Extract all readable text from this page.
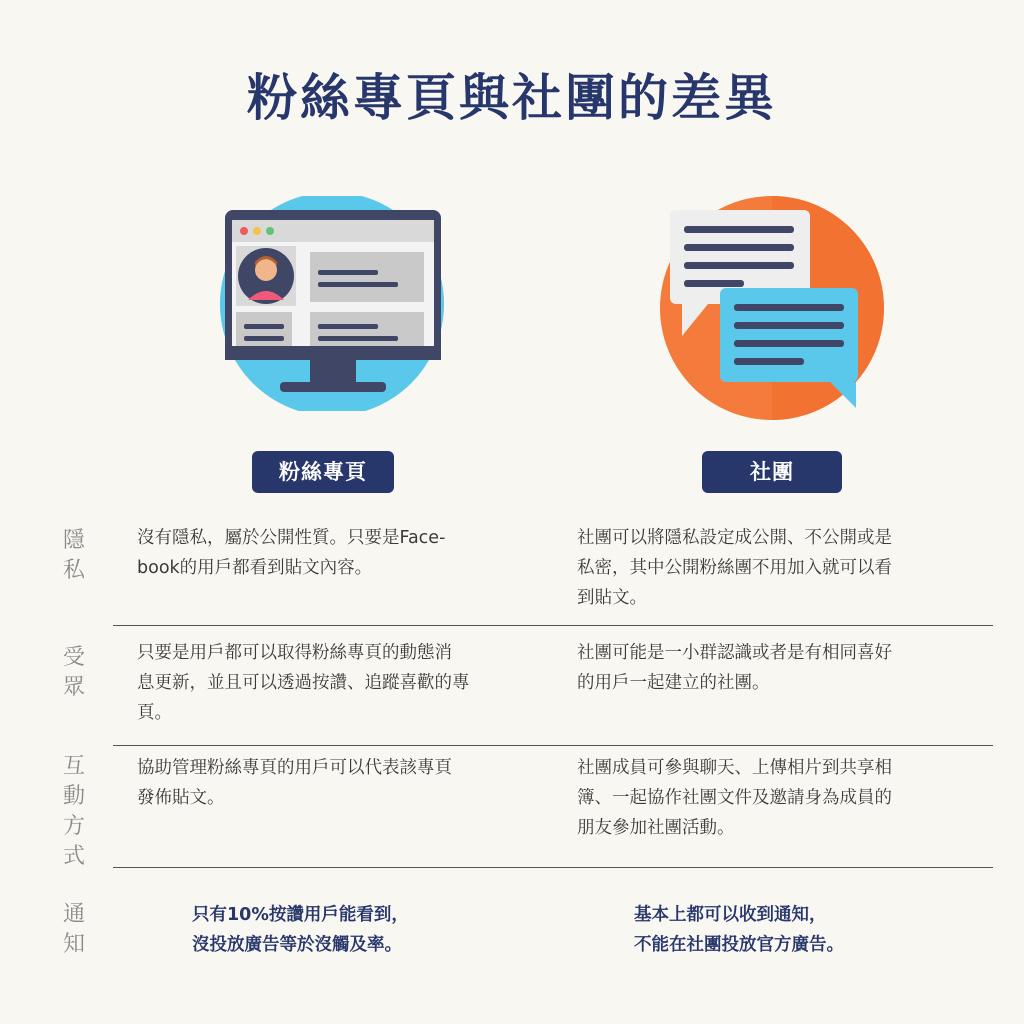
粉絲專頁與社團的差異
粉絲專頁	社團
隱
私
沒有隱私，屬於公開性質。只要是Face-
book的用戶都看到貼文內容。
社團可以將隱私設定成公開、不公開或是
私密，其中公開粉絲團不用加入就可以看
到貼文。
受
眾
只要是用戶都可以取得粉絲專頁的動態消
息更新，並且可以透過按讚、追蹤喜歡的專
頁。
社團可能是一小群認識或者是有相同喜好
的用戶一起建立的社團。
互
動
方
式
協助管理粉絲專頁的用戶可以代表該專頁
發佈貼文。
社團成員可參與聊天、上傳相片到共享相
簿、一起協作社團文件及邀請身為成員的
朋友參加社團活動。
通
知
只有10%按讚用戶能看到，
沒投放廣告等於沒觸及率。
基本上都可以收到通知，
不能在社團投放官方廣告。
